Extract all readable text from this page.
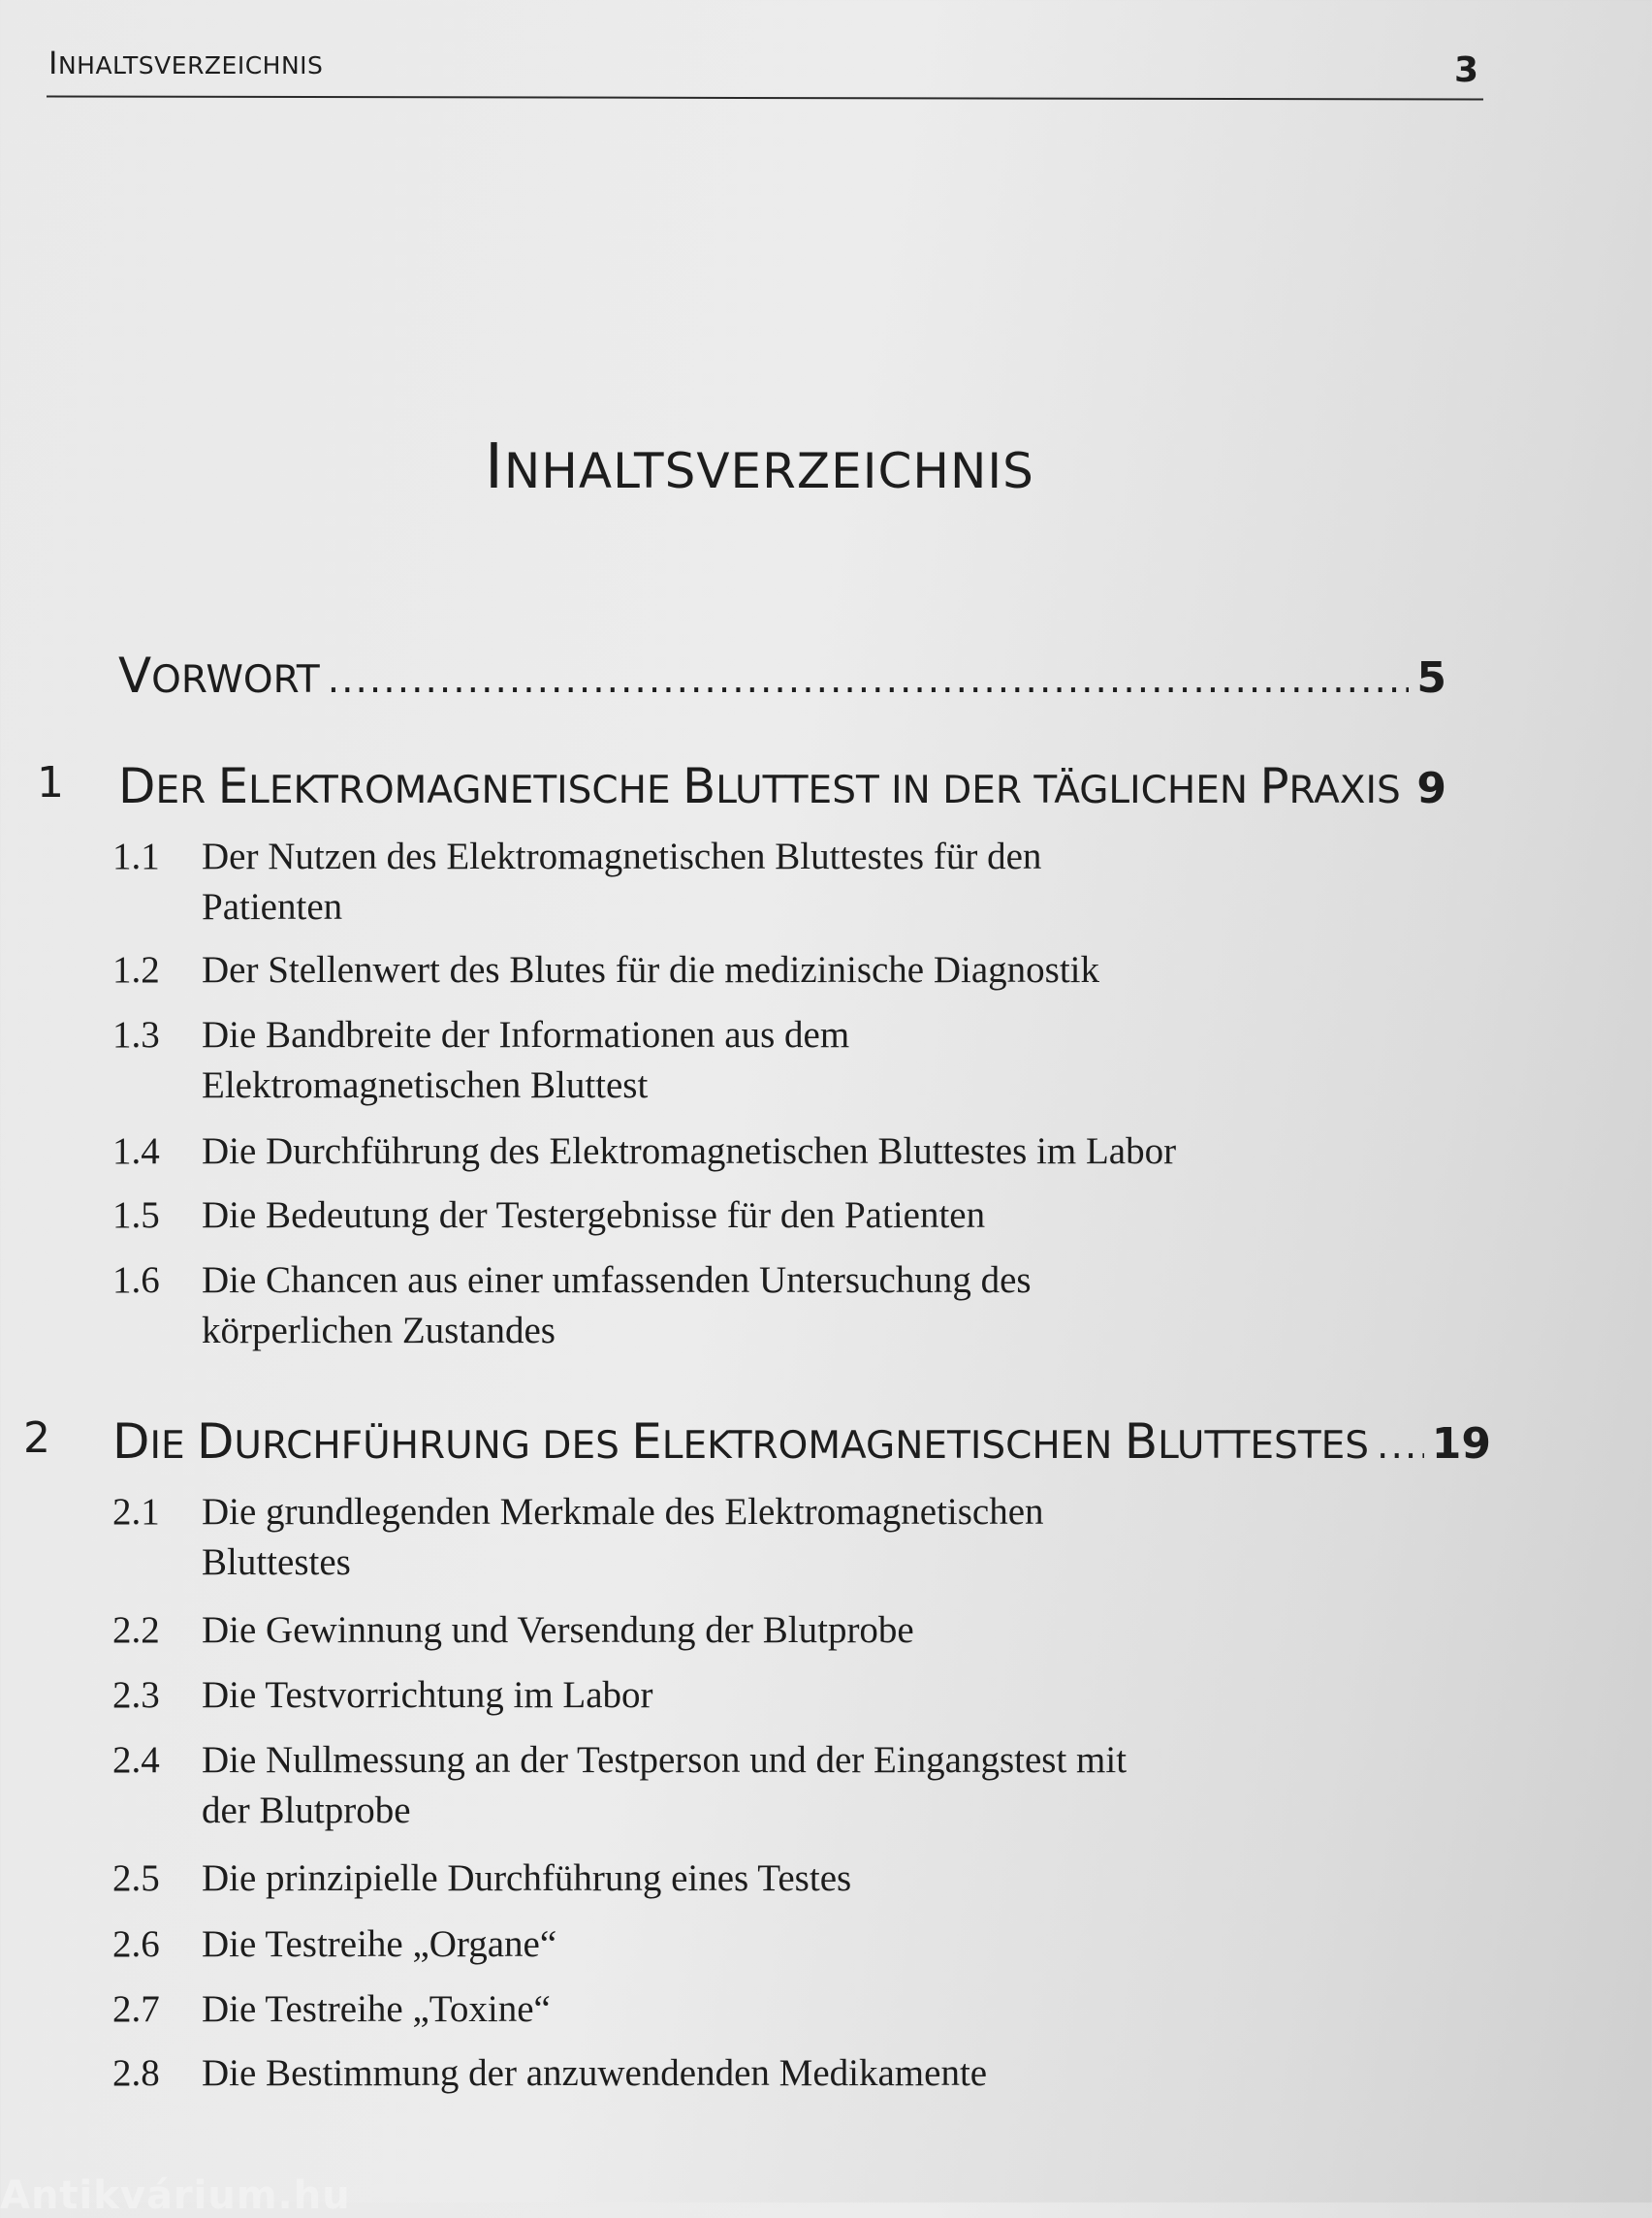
INHALTSVERZEICHNIS	3
INHALTSVERZEICHNIS
VORWORT .....	5
1 DER ELEKTROMAGNETISCHE BLUTTEST IN DER TÄGLICHEN PRAXIS ..... 9
1.1 Der Nutzen des Elektromagnetischen Bluttestes für den
Patienten
1.2 Der Stellenwert des Blutes für die medizinische Diagnostik
1.3 Die Bandbreite der Informationen aus dem
Elektromagnetischen Bluttest
1.4 Die Durchführung des Elektromagnetischen Bluttestes im Labor
1.5 Die Bedeutung der Testergebnisse für den Patienten
1.6 Die Chancen aus einer umfassenden Untersuchung des
körperlichen Zustandes
2 DIE DURCHFÜHRUNG DES ELEKTROMAGNETISCHEN BLUTTESTES ..... 19
2.1 Die grundlegenden Merkmale des Elektromagnetischen
Bluttestes
2.2 Die Gewinnung und Versendung der Blutprobe
2.3 Die Testvorrichtung im Labor
2.4 Die Nullmessung an der Testperson und der Eingangstest mit
der Blutprobe
2.5 Die prinzipielle Durchführung eines Testes
2.6 Die Testreihe „Organe“
2.7 Die Testreihe „Toxine“
2.8 Die Bestimmung der anzuwendenden Medikamente
Antikvárium.hu
